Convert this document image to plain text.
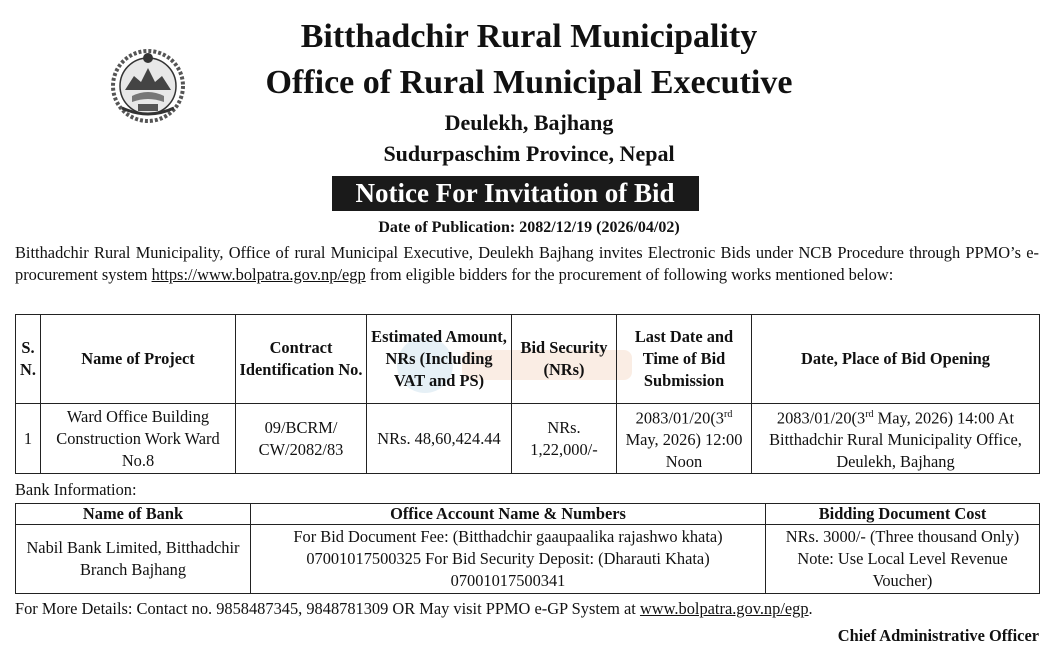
Bitthadchir Rural Municipality
Office of Rural Municipal Executive
Deulekh, Bajhang
Sudurpaschim Province, Nepal
Notice For Invitation of Bid
Date of Publication: 2082/12/19 (2026/04/02)
Bitthadchir Rural Municipality, Office of rural Municipal Executive, Deulekh Bajhang invites Electronic Bids under NCB Procedure through PPMO’s e-procurement system https://www.bolpatra.gov.np/egp from eligible bidders for the procurement of following works mentioned below:
S. N.	Name of Project	Contract Identification No.	Estimated Amount, NRs (Including VAT and PS)	Bid Security (NRs)	Last Date and Time of Bid Submission	Date, Place of Bid Opening
1	Ward Office Building Construction Work Ward No.8	09/BCRM/ CW/2082/83	NRs. 48,60,424.44	NRs. 1,22,000/-	2083/01/20(3rd May, 2026) 12:00 Noon	2083/01/20(3rd May, 2026) 14:00 At Bitthadchir Rural Municipality Office, Deulekh, Bajhang
Bank Information:
Name of Bank	Office Account Name & Numbers	Bidding Document Cost
Nabil Bank Limited, Bitthadchir Branch Bajhang	For Bid Document Fee: (Bitthadchir gaaupaalika rajashwo khata) 07001017500325 For Bid Security Deposit: (Dharauti Khata) 07001017500341	NRs. 3000/- (Three thousand Only) Note: Use Local Level Revenue Voucher)
For More Details: Contact no. 9858487345, 9848781309 OR May visit PPMO e-GP System at www.bolpatra.gov.np/egp.
Chief Administrative Officer
